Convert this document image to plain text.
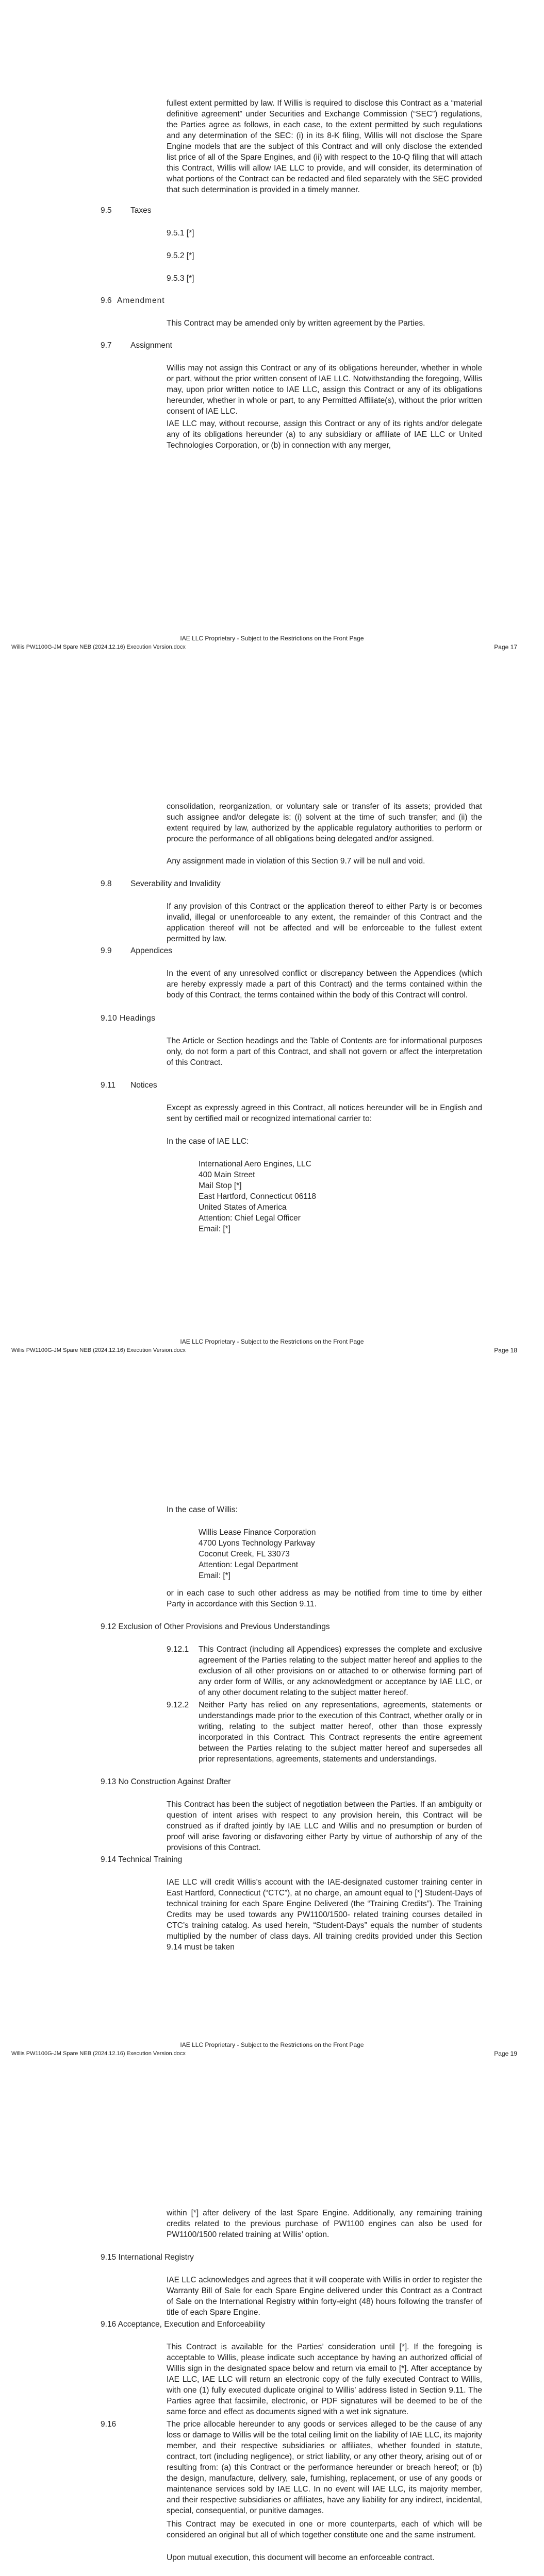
fullest extent permitted by law. If Willis is required to disclose this Contract as a “material definitive agreement” under Securities and Exchange Commission (“SEC”) regulations, the Parties agree as follows, in each case, to the extent permitted by such regulations and any determination of the SEC: (i) in its 8-K filing, Willis will not disclose the Spare Engine models that are the subject of this Contract and will only disclose the extended list price of all of the Spare Engines, and (ii) with respect to the 10-Q filing that will attach this Contract, Willis will allow IAE LLC to provide, and will consider, its determination of what portions of the Contract can be redacted and filed separately with the SEC provided that such determination is provided in a timely manner.

9.5 Taxes

9.5.1 [*]

9.5.2 [*]

9.5.3 [*]

9.6 Amendment

This Contract may be amended only by written agreement by the Parties.

9.7 Assignment

Willis may not assign this Contract or any of its obligations hereunder, whether in whole or part, without the prior written consent of IAE LLC. Notwithstanding the foregoing, Willis may, upon prior written notice to IAE LLC, assign this Contract or any of its obligations hereunder, whether in whole or part, to any Permitted Affiliate(s), without the prior written consent of IAE LLC.

IAE LLC may, without recourse, assign this Contract or any of its rights and/or delegate any of its obligations hereunder (a) to any subsidiary or affiliate of IAE LLC or United Technologies Corporation, or (b) in connection with any merger,

IAE LLC Proprietary - Subject to the Restrictions on the Front Page
Willis PW1100G-JM Spare NEB (2024.12.16) Execution Version.docx	Page 17

consolidation, reorganization, or voluntary sale or transfer of its assets; provided that such assignee and/or delegate is: (i) solvent at the time of such transfer; and (ii) the extent required by law, authorized by the applicable regulatory authorities to perform or procure the performance of all obligations being delegated and/or assigned.

Any assignment made in violation of this Section 9.7 will be null and void.

9.8 Severability and Invalidity

If any provision of this Contract or the application thereof to either Party is or becomes invalid, illegal or unenforceable to any extent, the remainder of this Contract and the application thereof will not be affected and will be enforceable to the fullest extent permitted by law.

9.9 Appendices

In the event of any unresolved conflict or discrepancy between the Appendices (which are hereby expressly made a part of this Contract) and the terms contained within the body of this Contract, the terms contained within the body of this Contract will control.

9.10 Headings

The Article or Section headings and the Table of Contents are for informational purposes only, do not form a part of this Contract, and shall not govern or affect the interpretation of this Contract.

9.11 Notices

Except as expressly agreed in this Contract, all notices hereunder will be in English and sent by certified mail or recognized international carrier to:

In the case of IAE LLC:

International Aero Engines, LLC
400 Main Street
Mail Stop [*]
East Hartford, Connecticut 06118
United States of America
Attention: Chief Legal Officer
Email: [*]
IAE LLC Proprietary - Subject to the Restrictions on the Front Page
Willis PW1100G-JM Spare NEB (2024.12.16) Execution Version.docx	Page 18

In the case of Willis:

Willis Lease Finance Corporation
4700 Lyons Technology Parkway
Coconut Creek, FL 33073
Attention: Legal Department
Email: [*]

or in each case to such other address as may be notified from time to time by either Party in accordance with this Section 9.11.

9.12 Exclusion of Other Provisions and Previous Understandings

9.12.1 This Contract (including all Appendices) expresses the complete and exclusive agreement of the Parties relating to the subject matter hereof and applies to the exclusion of all other provisions on or attached to or otherwise forming part of any order form of Willis, or any acknowledgment or acceptance by IAE LLC, or of any other document relating to the subject matter hereof.

9.12.2 Neither Party has relied on any representations, agreements, statements or understandings made prior to the execution of this Contract, whether orally or in writing, relating to the subject matter hereof, other than those expressly incorporated in this Contract. This Contract represents the entire agreement between the Parties relating to the subject matter hereof and supersedes all prior representations, agreements, statements and understandings.

9.13 No Construction Against Drafter

This Contract has been the subject of negotiation between the Parties. If an ambiguity or question of intent arises with respect to any provision herein, this Contract will be construed as if drafted jointly by IAE LLC and Willis and no presumption or burden of proof will arise favoring or disfavoring either Party by virtue of authorship of any of the provisions of this Contract.

9.14 Technical Training

IAE LLC will credit Willis’s account with the IAE-designated customer training center in East Hartford, Connecticut (“CTC”), at no charge, an amount equal to [*] Student-Days of technical training for each Spare Engine Delivered (the “Training Credits”). The Training Credits may be used towards any PW1100/1500- related training courses detailed in CTC’s training catalog. As used herein, “Student-Days” equals the number of students multiplied by the number of class days. All training credits provided under this Section 9.14 must be taken

IAE LLC Proprietary - Subject to the Restrictions on the Front Page
Willis PW1100G-JM Spare NEB (2024.12.16) Execution Version.docx	Page 19

within [*] after delivery of the last Spare Engine. Additionally, any remaining training credits related to the previous purchase of PW1100 engines can also be used for PW1100/1500 related training at Willis’ option.

9.15 International Registry

IAE LLC acknowledges and agrees that it will cooperate with Willis in order to register the Warranty Bill of Sale for each Spare Engine delivered under this Contract as a Contract of Sale on the International Registry within forty-eight (48) hours following the transfer of title of each Spare Engine.

9.16 Acceptance, Execution and Enforceability

This Contract is available for the Parties’ consideration until [*]. If the foregoing is acceptable to Willis, please indicate such acceptance by having an authorized official of Willis sign in the designated space below and return via email to [*]. After acceptance by IAE LLC, IAE LLC will return an electronic copy of the fully executed Contract to Willis, with one (1) fully executed duplicate original to Willis’ address listed in Section 9.11. The Parties agree that facsimile, electronic, or PDF signatures will be deemed to be of the same force and effect as documents signed with a wet ink signature.

9.16	The price allocable hereunder to any goods or services alleged to be the cause of any loss or damage to Willis will be the total ceiling limit on the liability of IAE LLC, its majority member, and their respective subsidiaries or affiliates, whether founded in statute, contract, tort (including negligence), or strict liability, or any other theory, arising out of or resulting from: (a) this Contract or the performance hereunder or breach hereof; or (b) the design, manufacture, delivery, sale, furnishing, replacement, or use of any goods or maintenance services sold by IAE LLC. In no event will IAE LLC, its majority member, and their respective subsidiaries or affiliates, have any liability for any indirect, incidental, special, consequential, or punitive damages.

This Contract may be executed in one or more counterparts, each of which will be considered an original but all of which together constitute one and the same instrument.

Upon mutual execution, this document will become an enforceable contract.
